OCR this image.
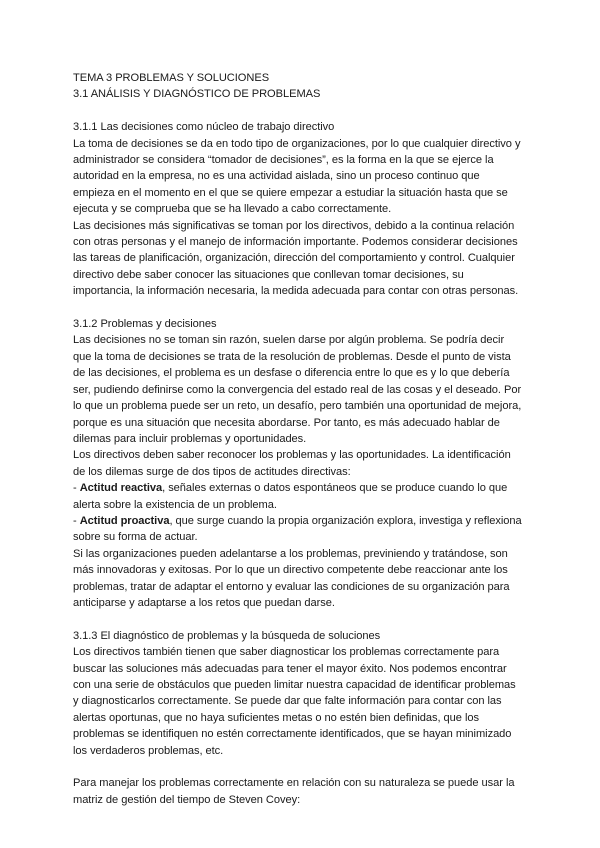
TEMA 3 PROBLEMAS Y SOLUCIONES
3.1 ANÁLISIS Y DIAGNÓSTICO DE PROBLEMAS
3.1.1 Las decisiones como núcleo de trabajo directivo
La toma de decisiones se da en todo tipo de organizaciones, por lo que cualquier directivo y
administrador se considera “tomador de decisiones”, es la forma en la que se ejerce la
autoridad en la empresa, no es una actividad aislada, sino un proceso continuo que
empieza en el momento en el que se quiere empezar a estudiar la situación hasta que se
ejecuta y se comprueba que se ha llevado a cabo correctamente.
Las decisiones más significativas se toman por los directivos, debido a la continua relación
con otras personas y el manejo de información importante. Podemos considerar decisiones
las tareas de planificación, organización, dirección del comportamiento y control. Cualquier
directivo debe saber conocer las situaciones que conllevan tomar decisiones, su
importancia, la información necesaria, la medida adecuada para contar con otras personas.
3.1.2 Problemas y decisiones
Las decisiones no se toman sin razón, suelen darse por algún problema. Se podría decir
que la toma de decisiones se trata de la resolución de problemas. Desde el punto de vista
de las decisiones, el problema es un desfase o diferencia entre lo que es y lo que debería
ser, pudiendo definirse como la convergencia del estado real de las cosas y el deseado. Por
lo que un problema puede ser un reto, un desafío, pero también una oportunidad de mejora,
porque es una situación que necesita abordarse. Por tanto, es más adecuado hablar de
dilemas para incluir problemas y oportunidades.
Los directivos deben saber reconocer los problemas y las oportunidades. La identificación
de los dilemas surge de dos tipos de actitudes directivas:
- Actitud reactiva, señales externas o datos espontáneos que se produce cuando lo que
alerta sobre la existencia de un problema.
- Actitud proactiva, que surge cuando la propia organización explora, investiga y reflexiona
sobre su forma de actuar.
Si las organizaciones pueden adelantarse a los problemas, previniendo y tratándose, son
más innovadoras y exitosas. Por lo que un directivo competente debe reaccionar ante los
problemas, tratar de adaptar el entorno y evaluar las condiciones de su organización para
anticiparse y adaptarse a los retos que puedan darse.
3.1.3 El diagnóstico de problemas y la búsqueda de soluciones
Los directivos también tienen que saber diagnosticar los problemas correctamente para
buscar las soluciones más adecuadas para tener el mayor éxito. Nos podemos encontrar
con una serie de obstáculos que pueden limitar nuestra capacidad de identificar problemas
y diagnosticarlos correctamente. Se puede dar que falte información para contar con las
alertas oportunas, que no haya suficientes metas o no estén bien definidas, que los
problemas se identifiquen no estén correctamente identificados, que se hayan minimizado
los verdaderos problemas, etc.
Para manejar los problemas correctamente en relación con su naturaleza se puede usar la
matriz de gestión del tiempo de Steven Covey:
